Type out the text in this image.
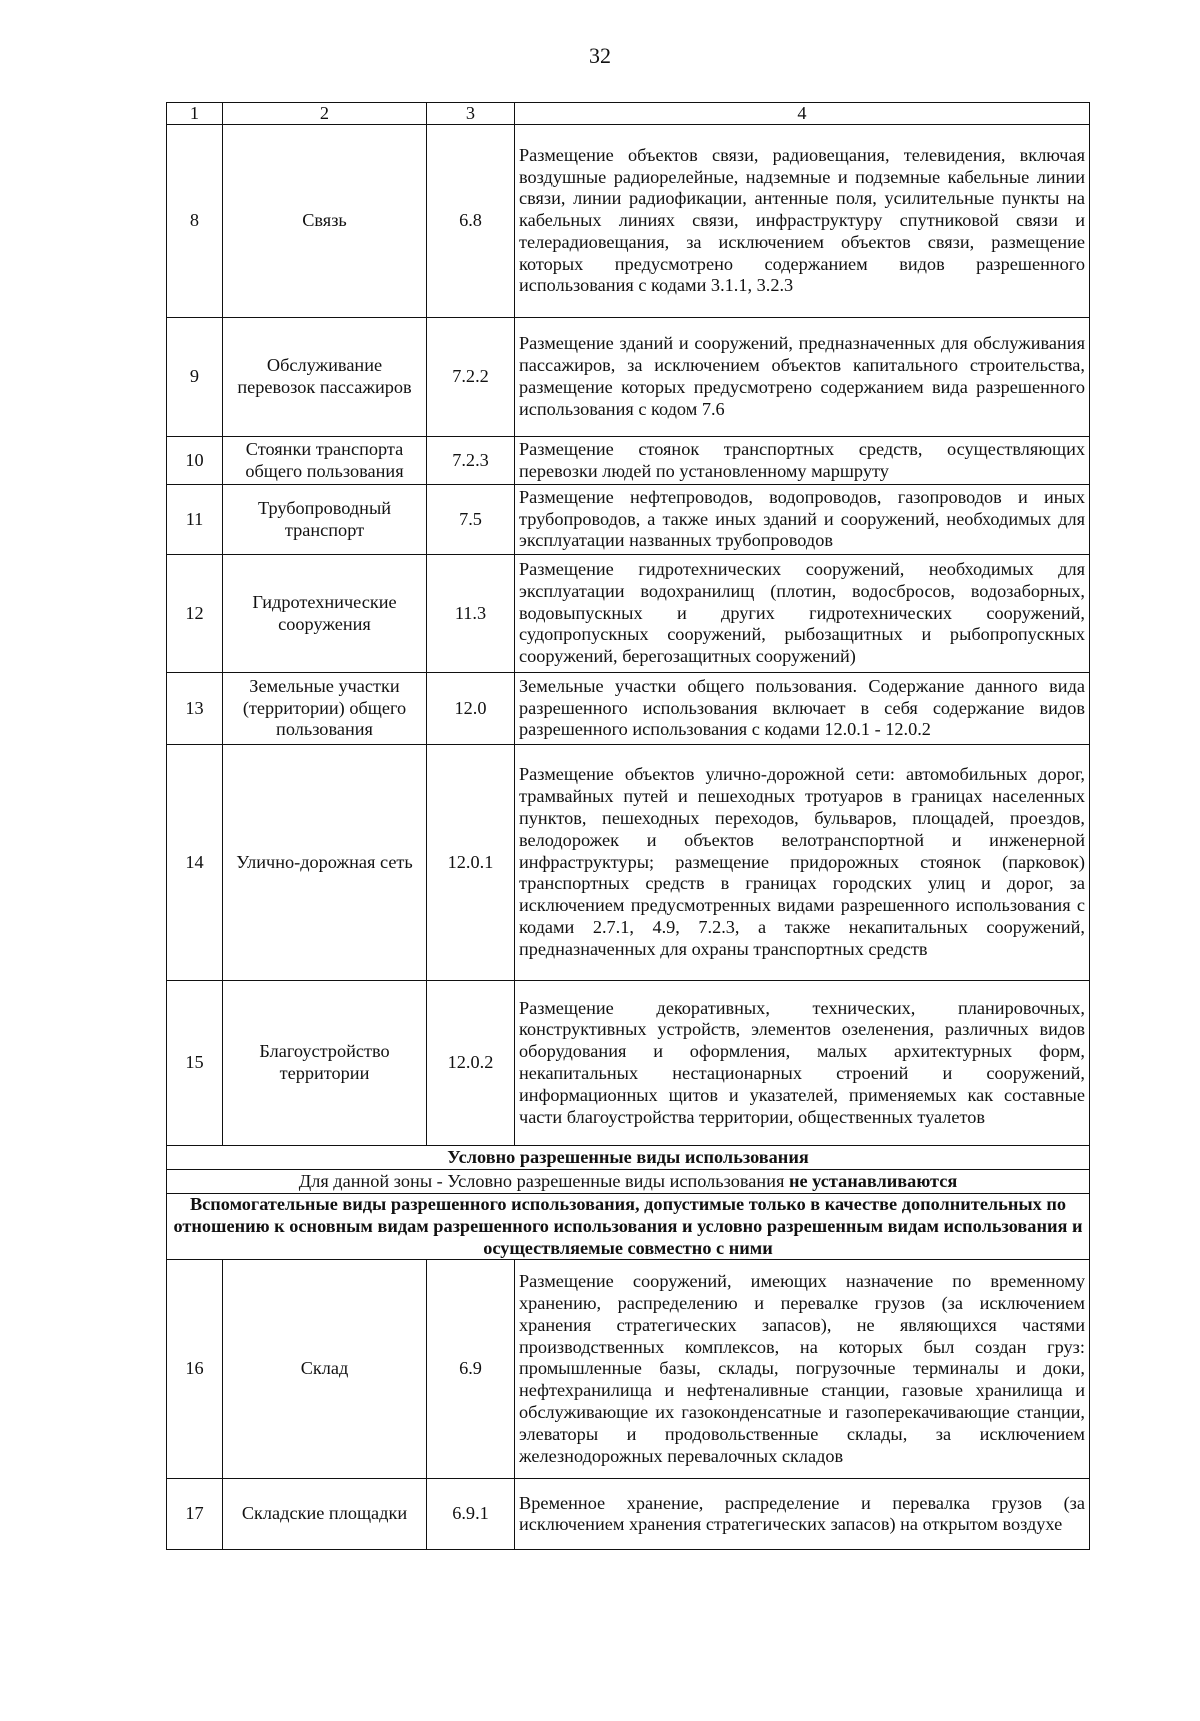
32
1	2	3	4
8	Связь	6.8	Размещение объектов связи, радиовещания, телевидения, включая воздушные радиорелейные, надземные и подземные кабельные линии связи, линии радиофикации, антенные поля, усилительные пункты на кабельных линиях связи, инфраструктуру спутниковой связи и телерадиовещания, за исключением объектов связи, размещение которых предусмотрено содержанием видов разрешенного использования с кодами 3.1.1, 3.2.3
9	Обслуживание перевозок пассажиров	7.2.2	Размещение зданий и сооружений, предназначенных для обслуживания пассажиров, за исключением объектов капитального строительства, размещение которых предусмотрено содержанием вида разрешенного использования с кодом 7.6
10	Стоянки транспорта общего пользования	7.2.3	Размещение стоянок транспортных средств, осуществляющих перевозки людей по установленному маршруту
11	Трубопроводный транспорт	7.5	Размещение нефтепроводов, водопроводов, газопроводов и иных трубопроводов, а также иных зданий и сооружений, необходимых для эксплуатации названных трубопроводов
12	Гидротехнические сооружения	11.3	Размещение гидротехнических сооружений, необходимых для эксплуатации водохранилищ (плотин, водосбросов, водозаборных, водовыпускных и других гидротехнических сооружений, судопропускных сооружений, рыбозащитных и рыбопропускных сооружений, берегозащитных сооружений)
13	Земельные участки (территории) общего пользования	12.0	Земельные участки общего пользования. Содержание данного вида разрешенного использования включает в себя содержание видов разрешенного использования с кодами 12.0.1 - 12.0.2
14	Улично-дорожная сеть	12.0.1	Размещение объектов улично-дорожной сети: автомобильных дорог, трамвайных путей и пешеходных тротуаров в границах населенных пунктов, пешеходных переходов, бульваров, площадей, проездов, велодорожек и объектов велотранспортной и инженерной инфраструктуры; размещение придорожных стоянок (парковок) транспортных средств в границах городских улиц и дорог, за исключением предусмотренных видами разрешенного использования с кодами 2.7.1, 4.9, 7.2.3, а также некапитальных сооружений, предназначенных для охраны транспортных средств
15	Благоустройство территории	12.0.2	Размещение декоративных, технических, планировочных, конструктивных устройств, элементов озеленения, различных видов оборудования и оформления, малых архитектурных форм, некапитальных нестационарных строений и сооружений, информационных щитов и указателей, применяемых как составные части благоустройства территории, общественных туалетов
Условно разрешенные виды использования			
Для данной зоны - Условно разрешенные виды использования не устанавливаются			
Вспомогательные виды разрешенного использования, допустимые только в качестве дополнительных по отношению к основным видам разрешенного использования и условно разрешенным видам использования и осуществляемые совместно с ними			
16	Склад	6.9	Размещение сооружений, имеющих назначение по временному хранению, распределению и перевалке грузов (за исключением хранения стратегических запасов), не являющихся частями производственных комплексов, на которых был создан груз: промышленные базы, склады, погрузочные терминалы и доки, нефтехранилища и нефтеналивные станции, газовые хранилища и обслуживающие их газоконденсатные и газоперекачивающие станции, элеваторы и продовольственные склады, за исключением железнодорожных перевалочных складов
17	Складские площадки	6.9.1	Временное хранение, распределение и перевалка грузов (за исключением хранения стратегических запасов) на открытом воздухе
